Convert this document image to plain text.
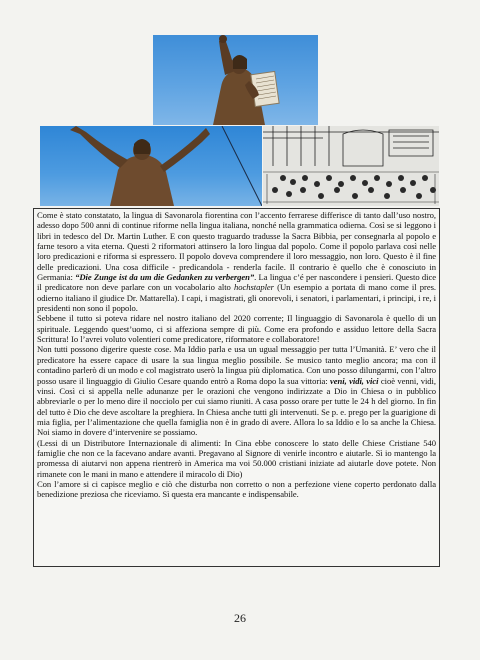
Come è stato constatato, la lingua di Savonarola fiorentina con l’accento ferrarese differisce di tanto dall’uso nostro, adesso dopo 500 anni di continue riforme nella lingua italiana, nonché nella grammatica odierna. Così se si leggono i libri in tedesco del Dr. Martin Luther. E con questo traguardo tradusse la Sacra Bibbia, per consegnarla al popolo e farne tesoro a vita eterna. Questi 2 riformatori attinsero la loro lingua dal popolo. Come il popolo parlava così nelle loro predicazioni e riforma si espressero. Il popolo doveva comprendere il loro messaggio, non loro. Questo è il fine delle predicazioni. Una cosa difficile - predicandola - renderla facile. Il contrario è quello che è conosciuto in Germania: “Die Zunge ist da um die Gedanken zu verbergen”. La lingua c’é per nascondere i pensieri. Questo dice il predicatore non deve parlare con un vocabolario alto hochstapler (Un esempio a portata di mano come il pres. odierno italiano il giudice Dr. Mattarella). I capi, i magistrati, gli onorevoli, i senatori, i parlamentari, i principi, i re, i presidenti non sono il popolo.

Sebbene il tutto si poteva ridare nel nostro italiano del 2020 corrente; Il linguaggio di Savonarola è quello di un spirituale. Leggendo quest’uomo, ci si affeziona sempre di più. Come era profondo e assiduo lettore della Sacra Scrittura! Io l’avrei voluto volentieri come predicatore, riformatore e collaboratore!

Non tutti possono digerire queste cose. Ma Iddio parla e usa un ugual messaggio per tutta l’Umanità. E’ vero che il predicatore ha essere capace di usare la sua lingua meglio possibile. Se musico tanto meglio ancora; ma con il contadino parlerò di un modo e col magistrato userò la lingua più diplomatica. Con uno posso dilungarmi, con l’altro posso usare il linguaggio di Giulio Cesare quando entrò a Roma dopo la sua vittoria: veni, vidi, vici cioè venni, vidi, vinsi. Così ci si appella nelle adunanze per le orazioni che vengono indirizzate a Dio in Chiesa o in pubblico abbreviarle o per lo meno dire il nocciolo per cui siamo riuniti. A casa posso orare per tutte le 24 h del giorno. In fin del tutto è Dio che deve ascoltare la preghiera. In Chiesa anche tutti gli intervenuti. Se p. e. prego per la guarigione di mia figlia, per l’alimentazione che quella famiglia non è in grado di avere. Allora lo sa Iddio e lo sa anche la Chiesa. Noi siamo in dovere d’intervenire se possiamo.

(Lessi di un Distributore Internazionale di alimenti: In Cina ebbe conoscere lo stato delle Chiese Cristiane 540 famiglie che non ce la facevano andare avanti. Pregavano al Signore di venirle incontro e aiutarle. Sì io mantengo la promessa di aiutarvi non appena rientrerò in America ma voi 50.000 cristiani iniziate ad aiutarle dove potete. Non rimanete con le mani in mano e attendere il miracolo di Dio)

Con l’amore si ci capisce meglio e ciò che disturba non corretto o non a perfezione viene coperto perdonato dalla benedizione preziosa che riceviamo. Sì questa era mancante e indispensabile.

26
